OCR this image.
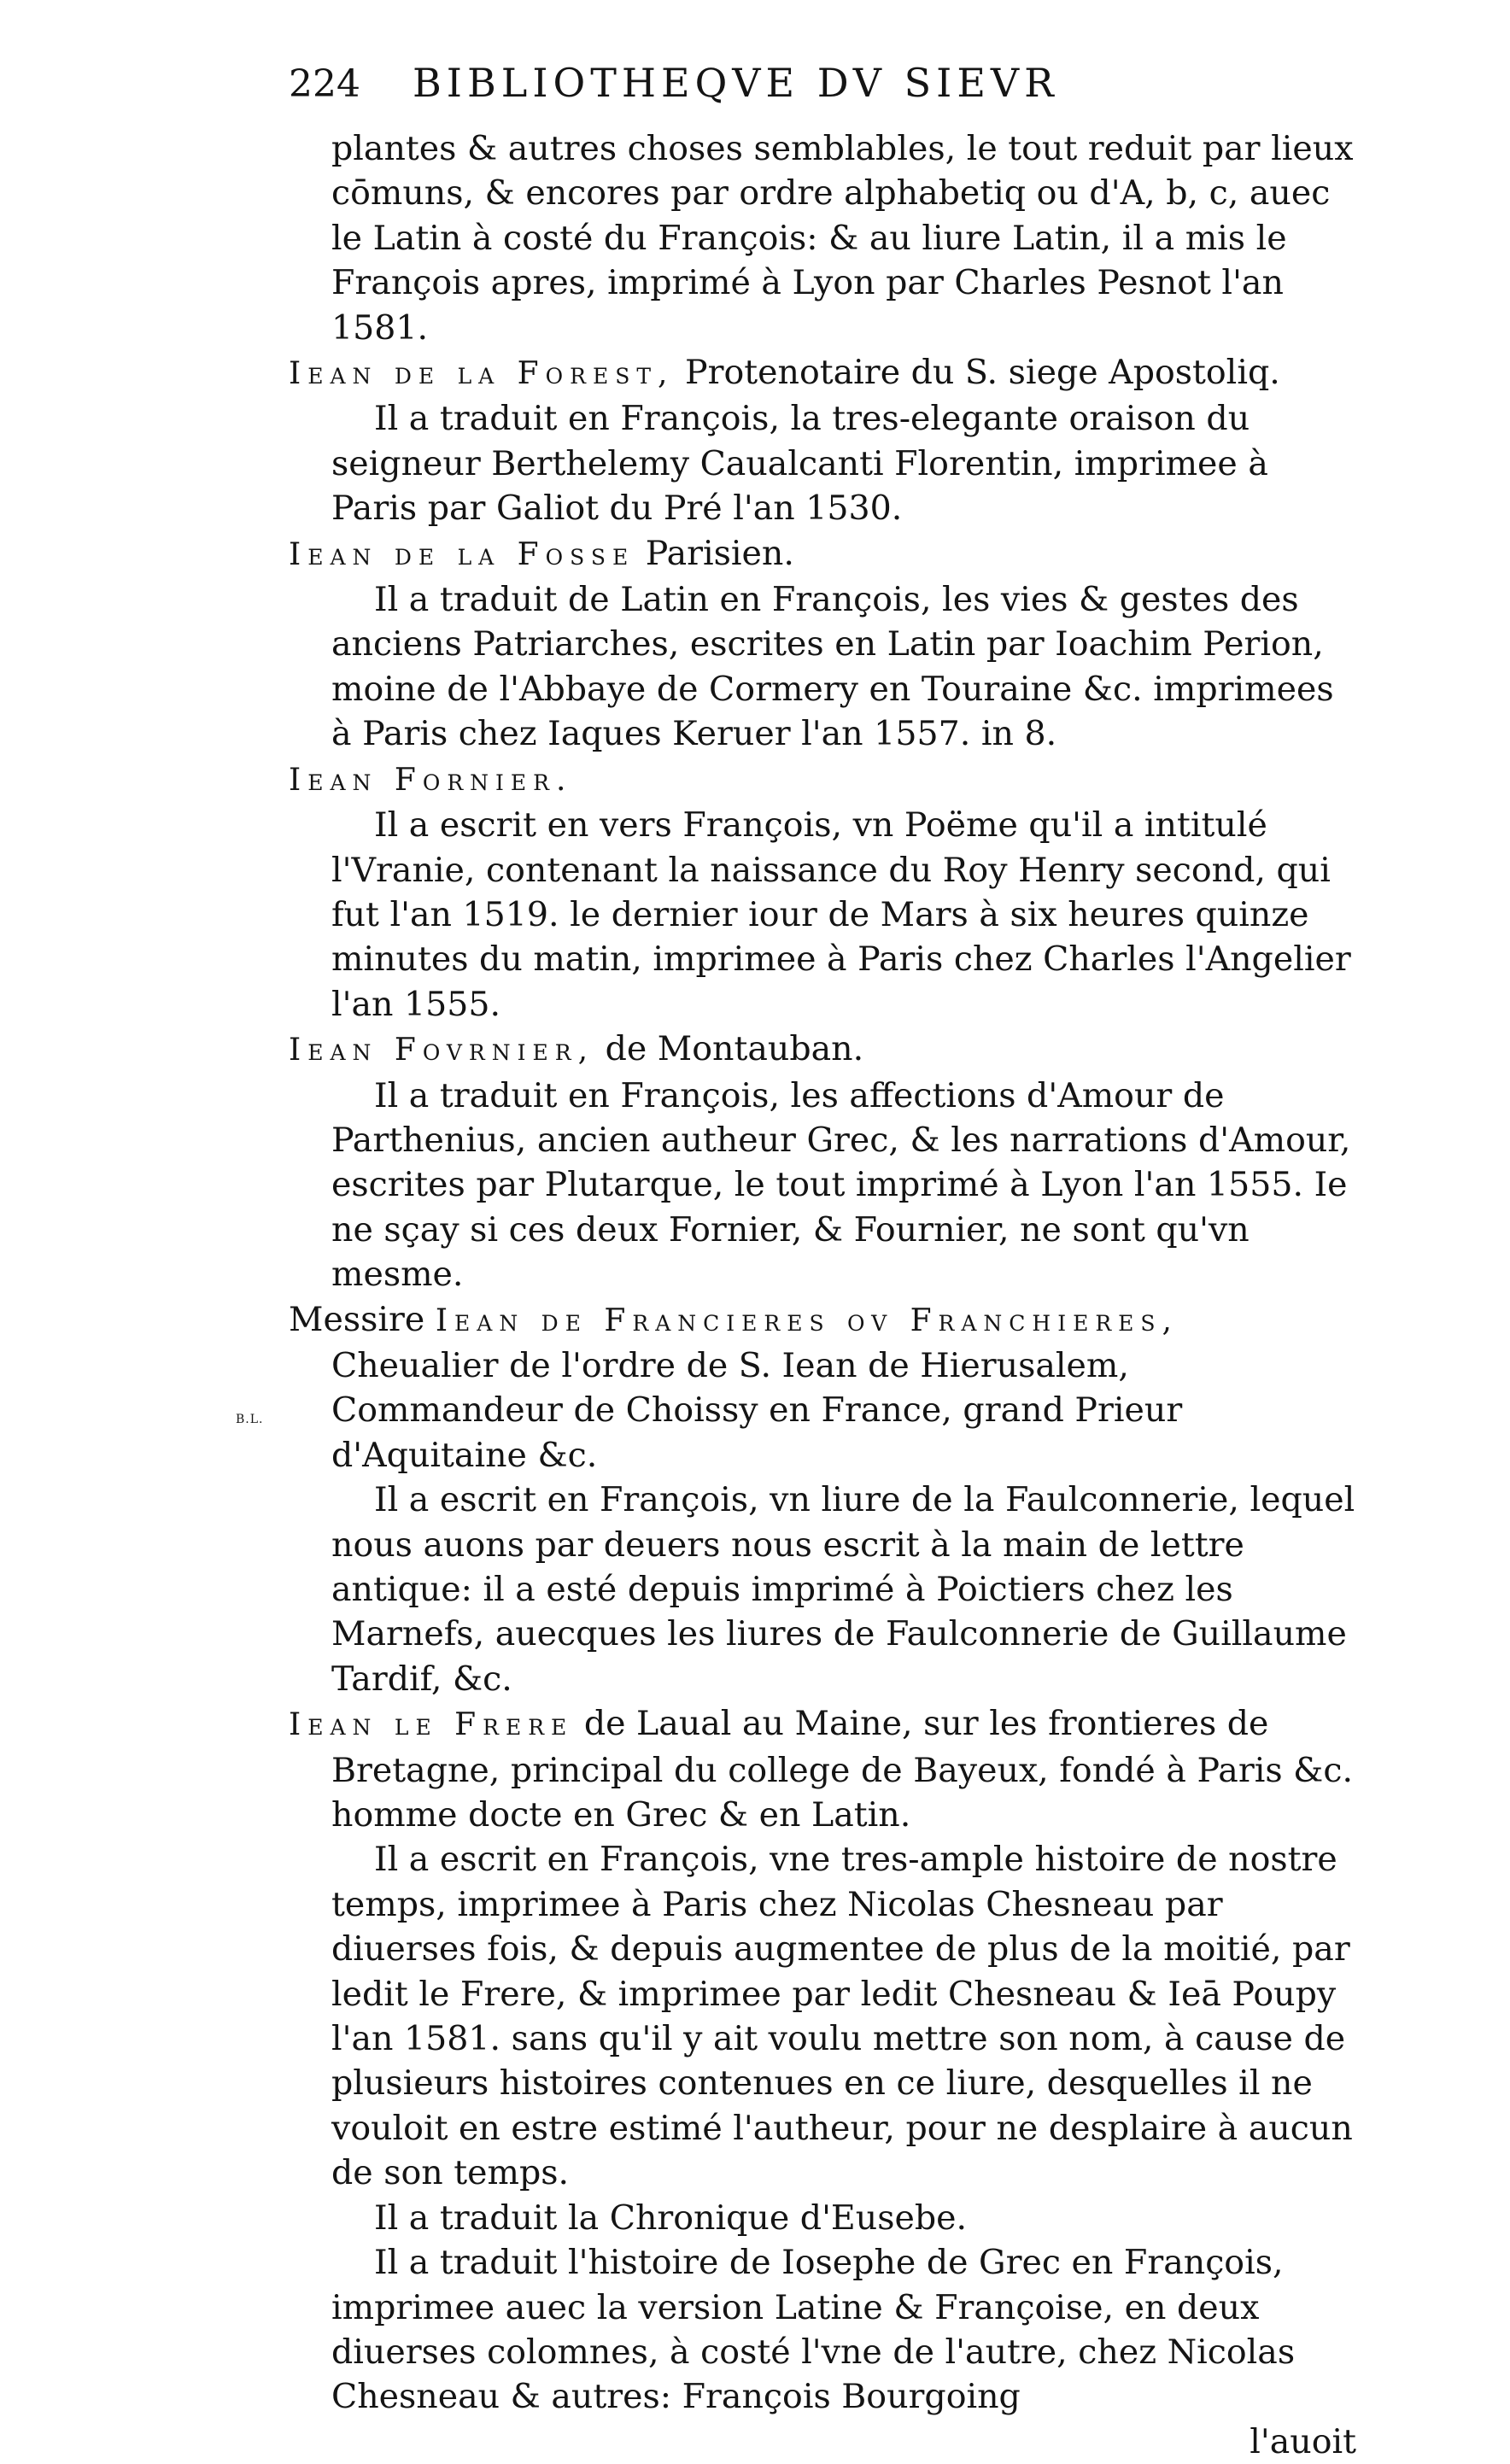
224	BIBLIOTHEQVE DV SIEVR
B.L.

plantes & autres choses semblables, le tout reduit par lieux cōmuns, & encores par ordre alphabetiq ou d'A, b, c, auec le Latin à costé du François: & au liure Latin, il a mis le François apres, imprimé à Lyon par Charles Pesnot l'an 1581.

Iean de la Forest, Protenotaire du S. siege Apostoliq.

Il a traduit en François, la tres-elegante oraison du seigneur Berthelemy Caualcanti Florentin, imprimee à Paris par Galiot du Pré l'an 1530.

Iean de la Fosse Parisien.

Il a traduit de Latin en François, les vies & gestes des anciens Patriarches, escrites en Latin par Ioachim Perion, moine de l'Abbaye de Cormery en Touraine &c. imprimees à Paris chez Iaques Keruer l'an 1557. in 8.

Iean Fornier.

Il a escrit en vers François, vn Poëme qu'il a intitulé l'Vranie, contenant la naissance du Roy Henry second, qui fut l'an 1519. le dernier iour de Mars à six heures quinze minutes du matin, imprimee à Paris chez Charles l'Angelier l'an 1555.

Iean Fovrnier, de Montauban.

Il a traduit en François, les affections d'Amour de Parthenius, ancien autheur Grec, & les narrations d'Amour, escrites par Plutarque, le tout imprimé à Lyon l'an 1555. Ie ne sçay si ces deux Fornier, & Fournier, ne sont qu'vn mesme.

Messire Iean de Francieres ov Franchieres, Cheualier de l'ordre de S. Iean de Hierusalem, Commandeur de Choissy en France, grand Prieur d'Aquitaine &c.

Il a escrit en François, vn liure de la Faulconnerie, lequel nous auons par deuers nous escrit à la main de lettre antique: il a esté depuis imprimé à Poictiers chez les Marnefs, auecques les liures de Faulconnerie de Guillaume Tardif, &c.

Iean le Frere de Laual au Maine, sur les frontieres de Bretagne, principal du college de Bayeux, fondé à Paris &c. homme docte en Grec & en Latin.

Il a escrit en François, vne tres-ample histoire de nostre temps, imprimee à Paris chez Nicolas Chesneau par diuerses fois, & depuis augmentee de plus de la moitié, par ledit le Frere, & imprimee par ledit Chesneau & Ieā Poupy l'an 1581. sans qu'il y ait voulu mettre son nom, à cause de plusieurs histoires contenues en ce liure, desquelles il ne vouloit en estre estimé l'autheur, pour ne desplaire à aucun de son temps.

Il a traduit la Chronique d'Eusebe.

Il a traduit l'histoire de Iosephe de Grec en François, imprimee auec la version Latine & Françoise, en deux diuerses colomnes, à costé l'vne de l'autre, chez Nicolas Chesneau & autres: François Bourgoing

l'auoit
